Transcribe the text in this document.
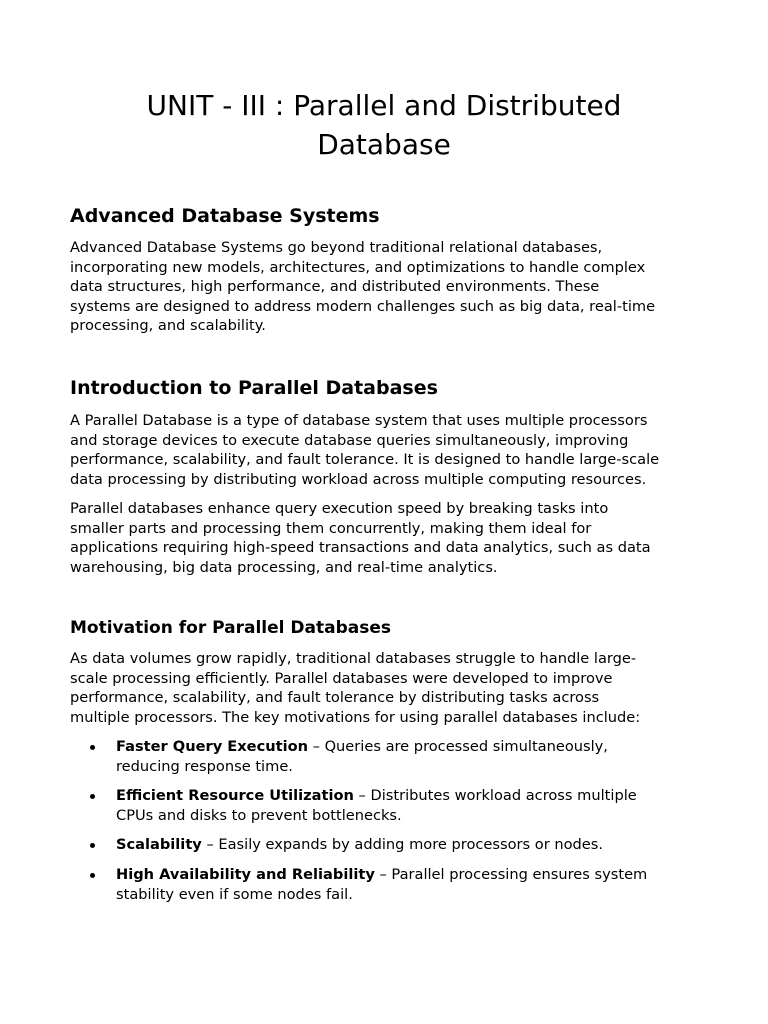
UNIT - III : Parallel and Distributed
Database
Advanced Database Systems

Advanced Database Systems go beyond traditional relational databases,
incorporating new models, architectures, and optimizations to handle complex
data structures, high performance, and distributed environments. These
systems are designed to address modern challenges such as big data, real-time
processing, and scalability.

Introduction to Parallel Databases

A Parallel Database is a type of database system that uses multiple processors
and storage devices to execute database queries simultaneously, improving
performance, scalability, and fault tolerance. It is designed to handle large-scale
data processing by distributing workload across multiple computing resources.

Parallel databases enhance query execution speed by breaking tasks into
smaller parts and processing them concurrently, making them ideal for
applications requiring high-speed transactions and data analytics, such as data
warehousing, big data processing, and real-time analytics.

Motivation for Parallel Databases

As data volumes grow rapidly, traditional databases struggle to handle large-
scale processing efficiently. Parallel databases were developed to improve
performance, scalability, and fault tolerance by distributing tasks across
multiple processors. The key motivations for using parallel databases include:

Faster Query Execution – Queries are processed simultaneously,
reducing response time.
Efficient Resource Utilization – Distributes workload across multiple
CPUs and disks to prevent bottlenecks.
Scalability – Easily expands by adding more processors or nodes.
High Availability and Reliability – Parallel processing ensures system
stability even if some nodes fail.
